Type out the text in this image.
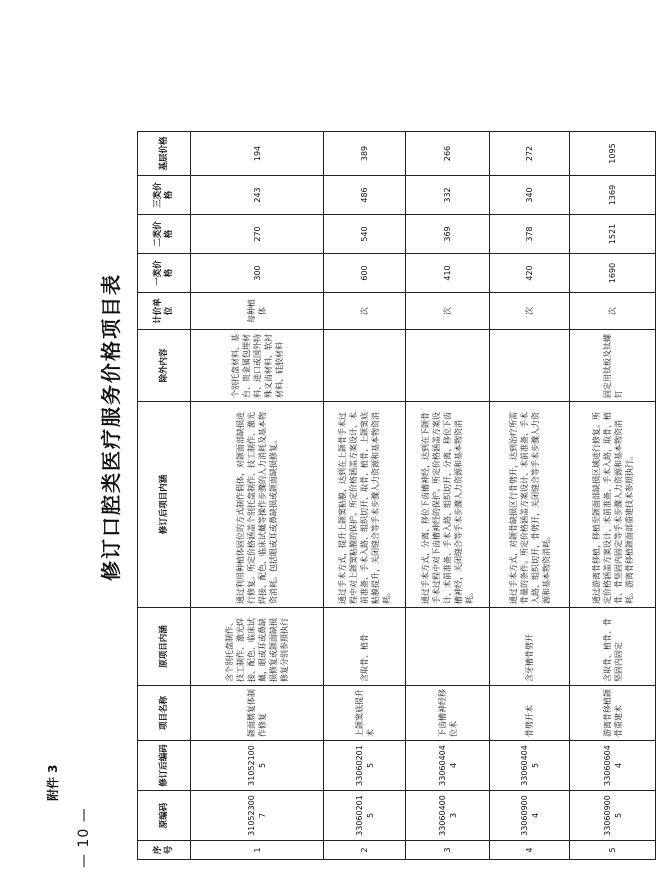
— 10 —
附件 3
修订口腔类医疗服务价格项目表
序号	原编码	修订后编码	项目名称	原项目内涵	修订后项目内涵	除外内容	计价单位	一类价格	二类价格	三类价格	基层价格
1	310523007	310521005	颌面赝复体制作修复	含个别托盘制作、技工制作、激光焊接、配色、临床试戴，眼或耳或鼻缺损修复或颌面缺损修复分别参照执行	通过利用种植体固位的方式制作假体，对颌面部缺损进行修复。所定价格涵盖个别托盘制作、技工制作、激光焊接、配色、临床试戴等操作步骤的人力消耗及基本物资消耗。包括眼或耳或鼻缺损或颌面缺损修复。	个别托盘材料、基台、贵金属包埋材料、进口或国外特殊义齿材料、软衬材料、硅胶材料	每种植体	300	270	243	194
2	330602015	330602015	上颌窦底提升术	含取骨、植骨	通过手术方式，提升上颌窦粘膜，达到在上颌骨手术过程中对上颌窦粘膜的保护。所定价格涵盖方案设计、术前准备、手术入路、组织切开、取骨、植骨、上颌窦底粘膜提升，关闭缝合等手术步骤人力资源和基本物资消耗。		次	600	540	486	389
3	330604003	330604044	下齿槽神经移位术		通过手术方式，分离、移位下齿槽神经，达到在下颌骨手术过程中对下齿槽神经的保护。所定价格涵盖方案设计、术前准备、手术入路、组织切开、分离、移位下齿槽神经，关闭缝合等手术步骤人力资源和基本物资消耗。		次	410	369	332	266
4	330609004	330604045	骨劈开术	含牙槽骨劈开	通过手术方式，对颌骨缺损区行骨劈开，达到治疗所需骨量的条件。所定价格涵盖方案设计、术前准备、手术入路、组织切开，骨劈开，关闭缝合等手术步骤人力资源和基本物资消耗。		次	420	378	340	272
5	330609005	330606044	游离骨移植颌骨重建术	含取骨、植骨、骨坚固内固定	通过游离骨移植，移植至颌面部缺损区域进行修复。所定价格涵盖方案设计、术前准备、手术入路，取骨、植骨、骨坚固内固定等手术步骤人力资源和基本物资消耗。游离骨移植颌面部重建技术参照执行。	固定用钛板及钛螺钉	次	1690	1521	1369	1095
